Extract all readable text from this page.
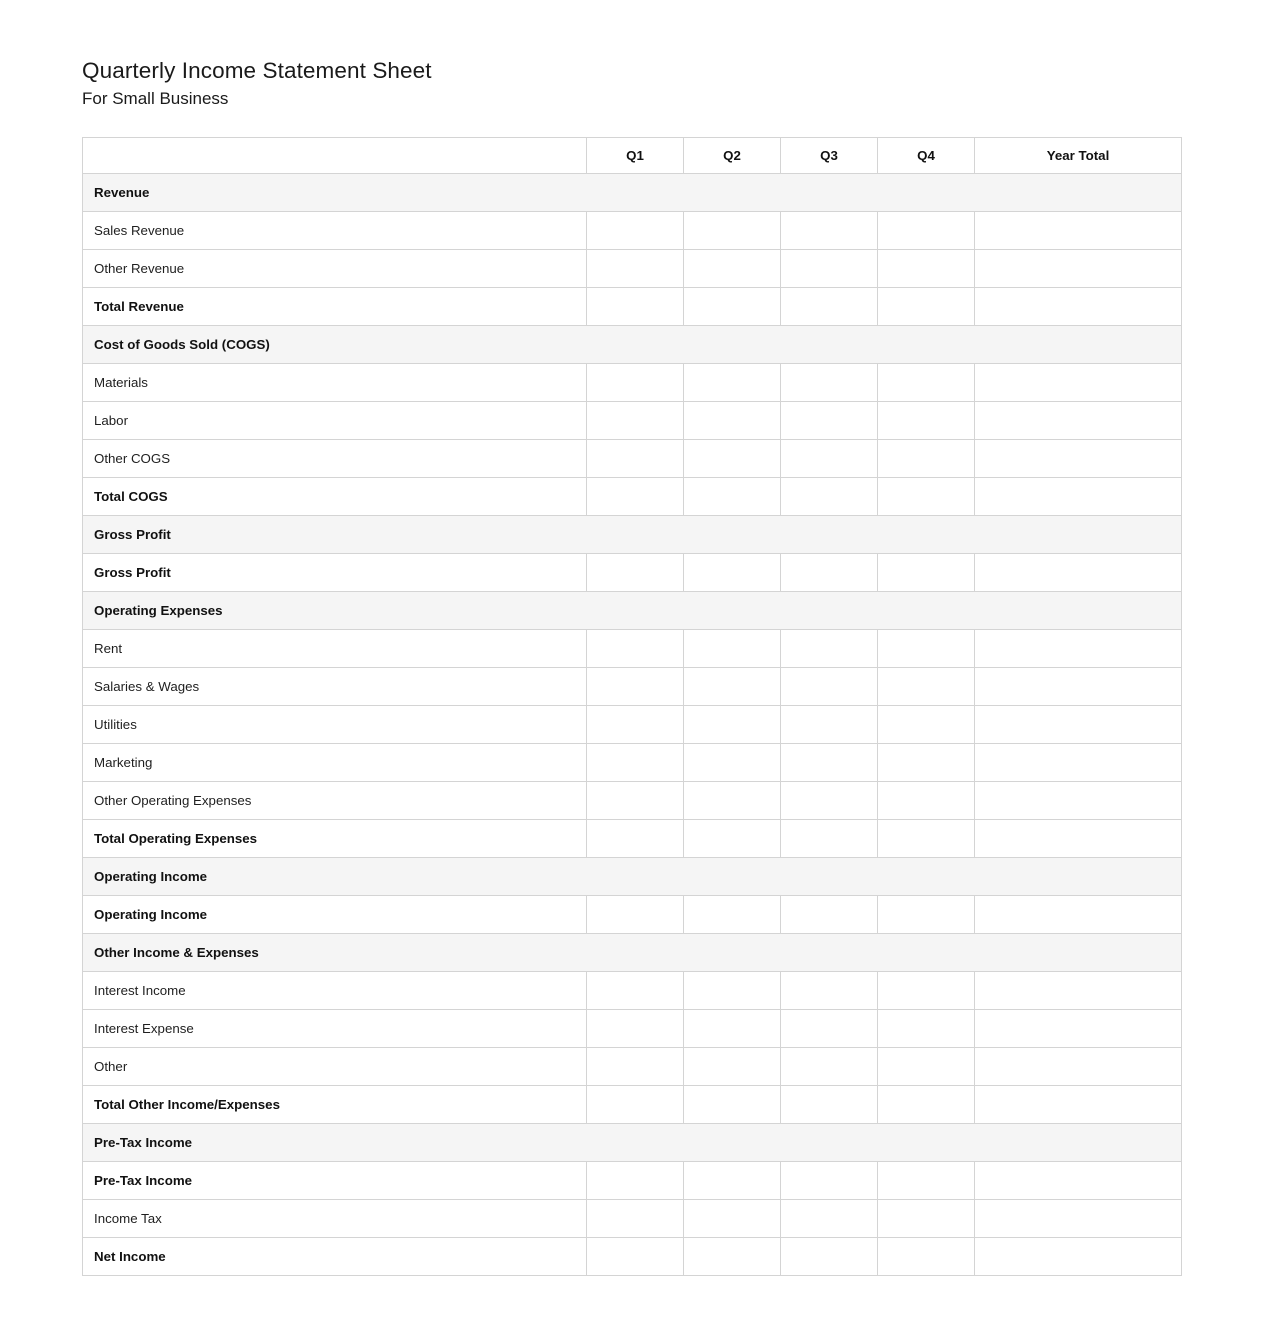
Quarterly Income Statement Sheet
For Small Business
	Q1	Q2	Q3	Q4	Year Total
Revenue					
Sales Revenue					
Other Revenue					
Total Revenue					
Cost of Goods Sold (COGS)					
Materials					
Labor					
Other COGS					
Total COGS					
Gross Profit					
Gross Profit					
Operating Expenses					
Rent					
Salaries & Wages					
Utilities					
Marketing					
Other Operating Expenses					
Total Operating Expenses					
Operating Income					
Operating Income					
Other Income & Expenses					
Interest Income					
Interest Expense					
Other					
Total Other Income/Expenses					
Pre-Tax Income					
Pre-Tax Income					
Income Tax					
Net Income					
